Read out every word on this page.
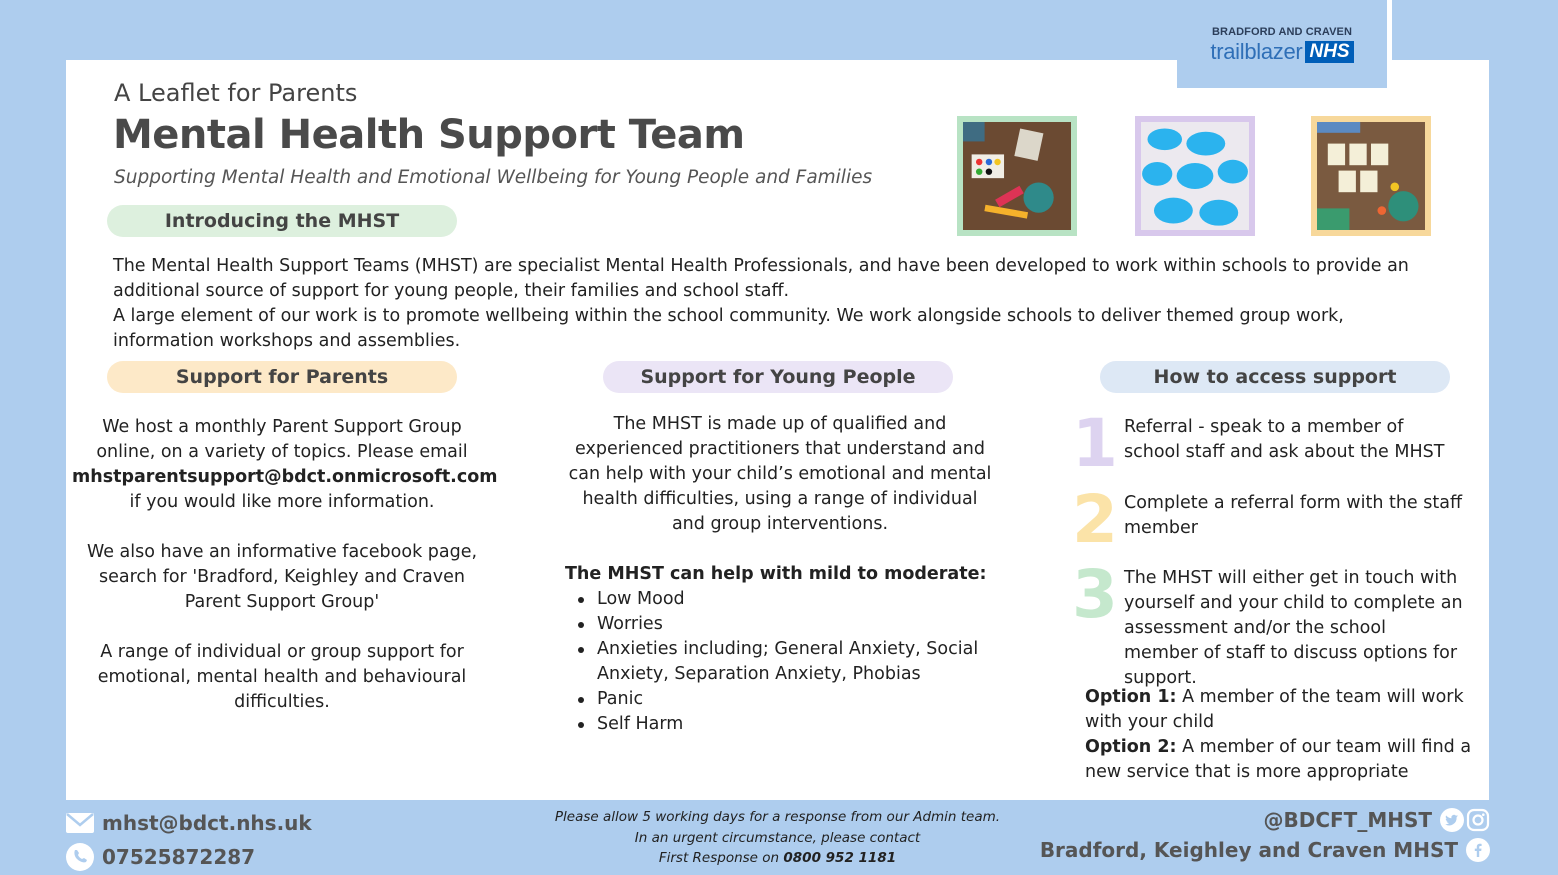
BRADFORD AND CRAVEN
trailblazer NHS
A Leaflet for Parents
Mental Health Support Team
Supporting Mental Health and Emotional Wellbeing for Young People and Families
Introducing the MHST
The Mental Health Support Teams (MHST) are specialist Mental Health Professionals, and have been developed to work within schools to provide an additional source of support for young people, their families and school staff.
A large element of our work is to promote wellbeing within the school community. We work alongside schools to deliver themed group work, information workshops and assemblies.
Support for Parents	Support for Young People	How to access support

We host a monthly Parent Support Group online, on a variety of topics. Please email
mhstparentsupport@bdct.onmicrosoft.com
if you would like more information.

We also have an informative facebook page, search for 'Bradford, Keighley and Craven Parent Support Group'

A range of individual or group support for emotional, mental health and behavioural difficulties.

The MHST is made up of qualified and experienced practitioners that understand and can help with your child’s emotional and mental health difficulties, using a range of individual and group interventions.
The MHST can help with mild to moderate:
Low Mood
Worries
Anxieties including; General Anxiety, Social Anxiety, Separation Anxiety, Phobias
Panic
Self Harm
1 Referral - speak to a member of school staff and ask about the MHST
2 Complete a referral form with the staff member
3 The MHST will either get in touch with yourself and your child to complete an assessment and/or the school member of staff to discuss options for support.
Option 1: A member of the team will work with your child
Option 2: A member of our team will find a new service that is more appropriate
mhst@bdct.nhs.uk
07525872287
Please allow 5 working days for a response from our Admin team.
In an urgent circumstance, please contact
First Response on 0800 952 1181
@BDCFT_MHST
Bradford, Keighley and Craven MHST
